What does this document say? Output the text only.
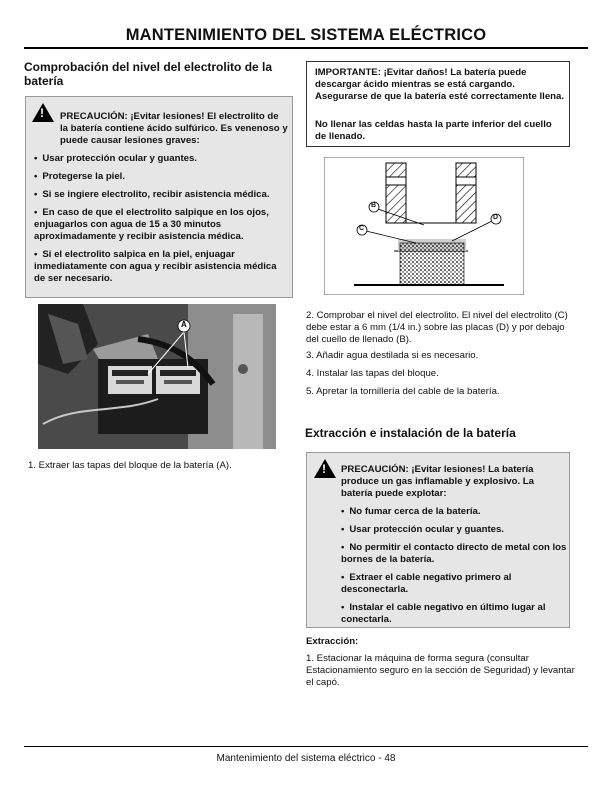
MANTENIMIENTO DEL SISTEMA ELÉCTRICO
Comprobación del nivel del electrolito de la batería
!
PRECAUCIÓN: ¡Evitar lesiones! El electrolito de la batería contiene ácido sulfúrico. Es venenoso y puede causar lesiones graves:
• Usar protección ocular y guantes.
• Protegerse la piel.
• Si se ingiere electrolito, recibir asistencia médica.
• En caso de que el electrolito salpique en los ojos, enjuagarlos con agua de 15 a 30 minutos aproximadamente y recibir asistencia médica.
• Si el electrolito salpica en la piel, enjuagar inmediatamente con agua y recibir asistencia médica de ser necesario.
A
1. Extraer las tapas del bloque de la batería (A).

IMPORTANTE: ¡Evitar daños! La batería puede descargar ácido mientras se está cargando. Asegurarse de que la batería esté correctamente llena.

No llenar las celdas hasta la parte inferior del cuello de llenado.

B
C
D
2. Comprobar el nivel del electrolito. El nivel del electrolito (C) debe estar a 6 mm (1/4 in.) sobre las placas (D) y por debajo del cuello de llenado (B).
3. Añadir agua destilada si es necesario.
4. Instalar las tapas del bloque.
5. Apretar la tornillería del cable de la batería.
Extracción e instalación de la batería
!
PRECAUCIÓN: ¡Evitar lesiones! La batería produce un gas inflamable y explosivo. La batería puede explotar:
• No fumar cerca de la batería.
• Usar protección ocular y guantes.
• No permitir el contacto directo de metal con los bornes de la batería.
• Extraer el cable negativo primero al desconectarla.
• Instalar el cable negativo en último lugar al conectarla.
Extracción:
1. Estacionar la máquina de forma segura (consultar Estacionamiento seguro en la sección de Seguridad) y levantar el capó.
Mantenimiento del sistema eléctrico - 48
